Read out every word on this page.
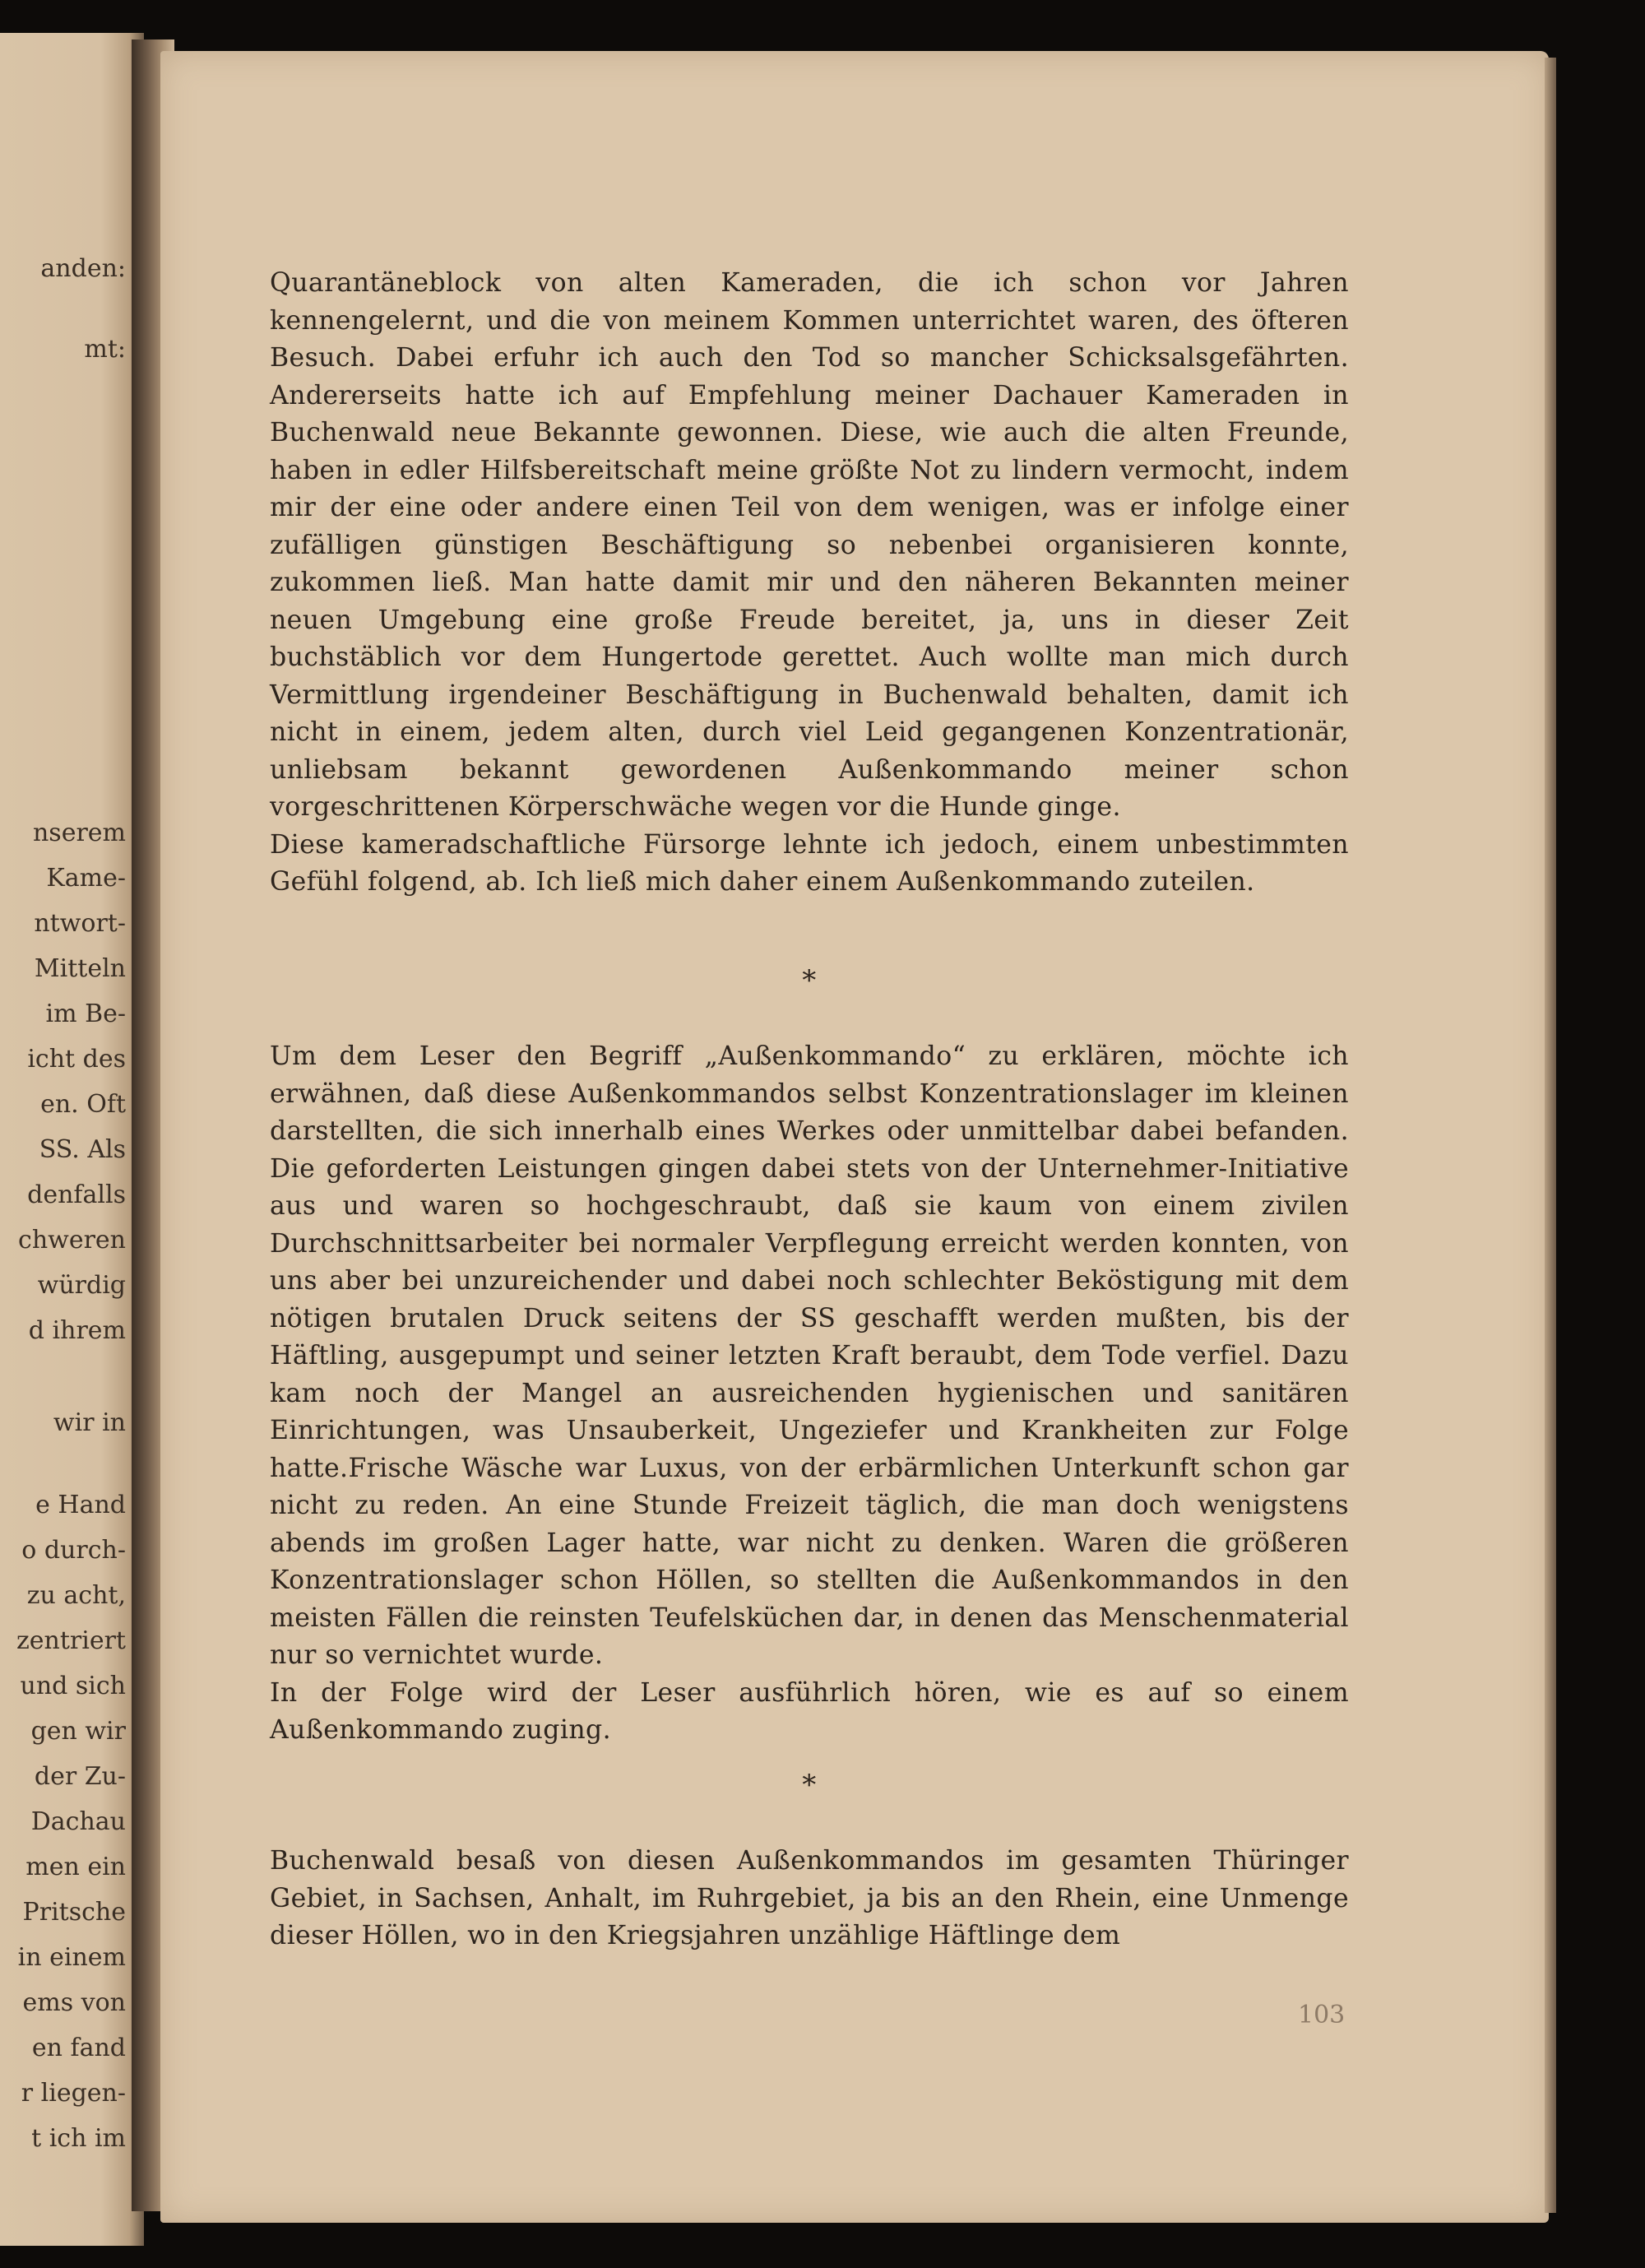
anden:
mt:
nserem
Kame-
ntwort-
Mitteln
im Be-
icht des
en. Oft
SS. Als
denfalls
chweren
würdig
d ihrem
wir in
e Hand
o durch-
zu acht,
zentriert
und sich
gen wir
der Zu-
Dachau
men ein
Pritsche
in einem
ems von
en fand
r liegen-
t ich im

Quarantäneblock von alten Kameraden, die ich schon vor Jahren kennengelernt, und die von meinem Kommen unterrichtet waren, des öfteren Besuch. Dabei erfuhr ich auch den Tod so mancher Schicksalsgefährten. Andererseits hatte ich auf Empfehlung meiner Dachauer Kameraden in Buchenwald neue Bekannte gewonnen. Diese, wie auch die alten Freunde, haben in edler Hilfsbereitschaft meine größte Not zu lindern vermocht, indem mir der eine oder andere einen Teil von dem wenigen, was er infolge einer zufälligen günstigen Beschäftigung so nebenbei organisieren konnte, zukommen ließ. Man hatte damit mir und den näheren Bekannten meiner neuen Umgebung eine große Freude bereitet, ja, uns in dieser Zeit buchstäblich vor dem Hungertode gerettet. Auch wollte man mich durch Vermittlung irgendeiner Beschäftigung in Buchenwald behalten, damit ich nicht in einem, jedem alten, durch viel Leid gegangenen Konzentrationär, unliebsam bekannt gewordenen Außenkommando meiner schon vorgeschrittenen Körperschwäche wegen vor die Hunde ginge.

Diese kameradschaftliche Fürsorge lehnte ich jedoch, einem unbestimmten Gefühl folgend, ab. Ich ließ mich daher einem Außenkommando zuteilen.

*

Um dem Leser den Begriff „Außenkommando“ zu erklären, möchte ich erwähnen, daß diese Außenkommandos selbst Konzentrationslager im kleinen darstellten, die sich innerhalb eines Werkes oder unmittelbar dabei befanden. Die geforderten Leistungen gingen dabei stets von der Unternehmer-Initiative aus und waren so hochgeschraubt, daß sie kaum von einem zivilen Durchschnittsarbeiter bei normaler Verpflegung erreicht werden konnten, von uns aber bei unzureichender und dabei noch schlechter Beköstigung mit dem nötigen brutalen Druck seitens der SS geschafft werden mußten, bis der Häftling, ausgepumpt und seiner letzten Kraft beraubt, dem Tode verfiel. Dazu kam noch der Mangel an ausreichenden hygienischen und sanitären Einrichtungen, was Unsauberkeit, Ungeziefer und Krankheiten zur Folge hatte.Frische Wäsche war Luxus, von der erbärmlichen Unterkunft schon gar nicht zu reden. An eine Stunde Freizeit täglich, die man doch wenigstens abends im großen Lager hatte, war nicht zu denken. Waren die größeren Konzentrationslager schon Höllen, so stellten die Außenkommandos in den meisten Fällen die reinsten Teufelsküchen dar, in denen das Menschenmaterial nur so vernichtet wurde.

In der Folge wird der Leser ausführlich hören, wie es auf so einem Außenkommando zuging.

*

Buchenwald besaß von diesen Außenkommandos im gesamten Thüringer Gebiet, in Sachsen, Anhalt, im Ruhrgebiet, ja bis an den Rhein, eine Unmenge dieser Höllen, wo in den Kriegsjahren unzählige Häftlinge dem

103
